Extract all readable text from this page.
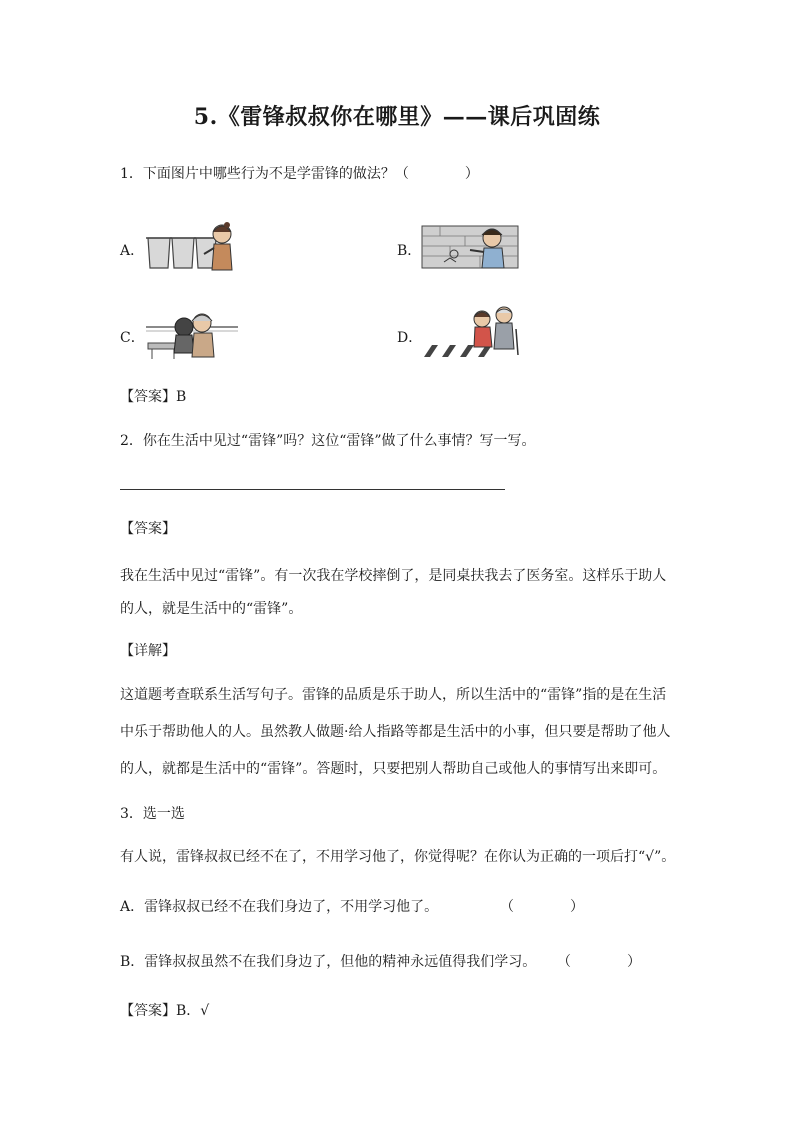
5.《雷锋叔叔你在哪里》——课后巩固练
1．下面图片中哪些行为不是学雷锋的做法？（　　　　）
A．	B．
C．	D．
【答案】B
2．你在生活中见过“雷锋”吗？这位“雷锋”做了什么事情？写一写。
【答案】
我在生活中见过“雷锋”。有一次我在学校摔倒了，是同桌扶我去了医务室。这样乐于助人
的人，就是生活中的“雷锋”。
【详解】
这道题考查联系生活写句子。雷锋的品质是乐于助人，所以生活中的“雷锋”指的是在生活
中乐于帮助他人的人。虽然教人做题·给人指路等都是生活中的小事，但只要是帮助了他人
的人，就都是生活中的“雷锋”。答题时，只要把别人帮助自己或他人的事情写出来即可。
3．选一选
有人说，雷锋叔叔已经不在了，不用学习他了，你觉得呢？在你认为正确的一项后打“√”。
A．雷锋叔叔已经不在我们身边了，不用学习他了。	（　　　　）
B．雷锋叔叔虽然不在我们身边了，但他的精神永远值得我们学习。 （　　　　）
【答案】B．√
